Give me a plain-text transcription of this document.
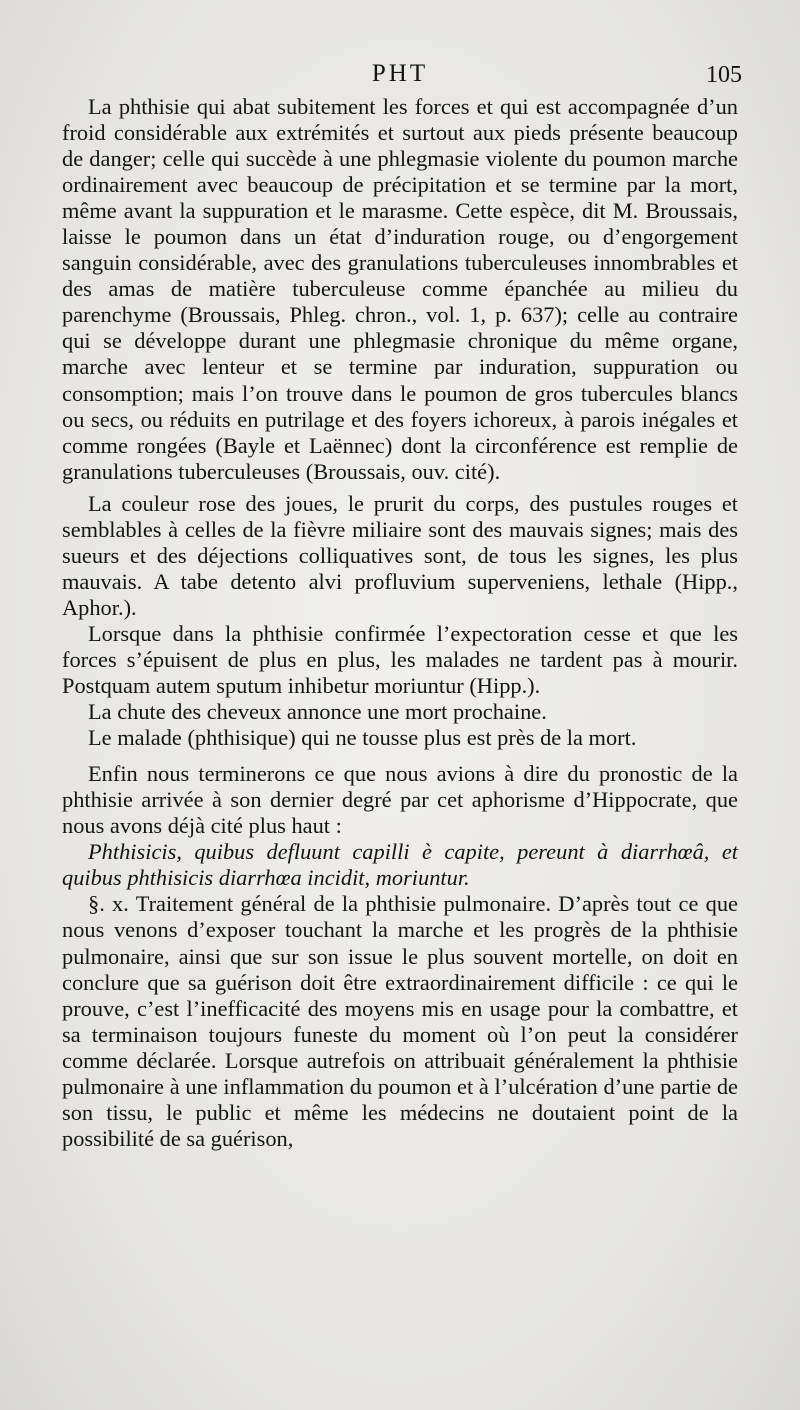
PHT	105

La phthisie qui abat subitement les forces et qui est accompagnée d’un froid considérable aux extrémités et surtout aux pieds présente beaucoup de danger; celle qui succède à une phlegmasie violente du poumon marche ordinairement avec beaucoup de précipitation et se termine par la mort, même avant la suppuration et le marasme. Cette espèce, dit M. Broussais, laisse le poumon dans un état d’induration rouge, ou d’engorgement sanguin considérable, avec des granulations tuberculeuses innombrables et des amas de matière tuberculeuse comme épanchée au milieu du parenchyme (Broussais, Phleg. chron., vol. 1, p. 637); celle au contraire qui se développe durant une phlegmasie chronique du même organe, marche avec lenteur et se termine par induration, suppuration ou consomption; mais l’on trouve dans le poumon de gros tubercules blancs ou secs, ou réduits en putrilage et des foyers ichoreux, à parois inégales et comme rongées (Bayle et Laënnec) dont la circonférence est remplie de granulations tuberculeuses (Broussais, ouv. cité).

La couleur rose des joues, le prurit du corps, des pustules rouges et semblables à celles de la fièvre miliaire sont des mauvais signes; mais des sueurs et des déjections colliquatives sont, de tous les signes, les plus mauvais. A tabe detento alvi profluvium superveniens, lethale (Hipp., Aphor.).

Lorsque dans la phthisie confirmée l’expectoration cesse et que les forces s’épuisent de plus en plus, les malades ne tardent pas à mourir. Postquam autem sputum inhibetur moriuntur (Hipp.).

La chute des cheveux annonce une mort prochaine.

Le malade (phthisique) qui ne tousse plus est près de la mort.

Enfin nous terminerons ce que nous avions à dire du pronostic de la phthisie arrivée à son dernier degré par cet aphorisme d’Hippocrate, que nous avons déjà cité plus haut :

Phthisicis, quibus defluunt capilli è capite, pereunt à diarrhœâ, et quibus phthisicis diarrhœa incidit, moriuntur.

§. x. Traitement général de la phthisie pulmonaire. D’après tout ce que nous venons d’exposer touchant la marche et les progrès de la phthisie pulmonaire, ainsi que sur son issue le plus souvent mortelle, on doit en conclure que sa guérison doit être extraordinairement difficile : ce qui le prouve, c’est l’inefficacité des moyens mis en usage pour la combattre, et sa terminaison toujours funeste du moment où l’on peut la considérer comme déclarée. Lorsque autrefois on attribuait généralement la phthisie pulmonaire à une inflammation du poumon et à l’ulcération d’une partie de son tissu, le public et même les médecins ne doutaient point de la possibilité de sa guérison,
